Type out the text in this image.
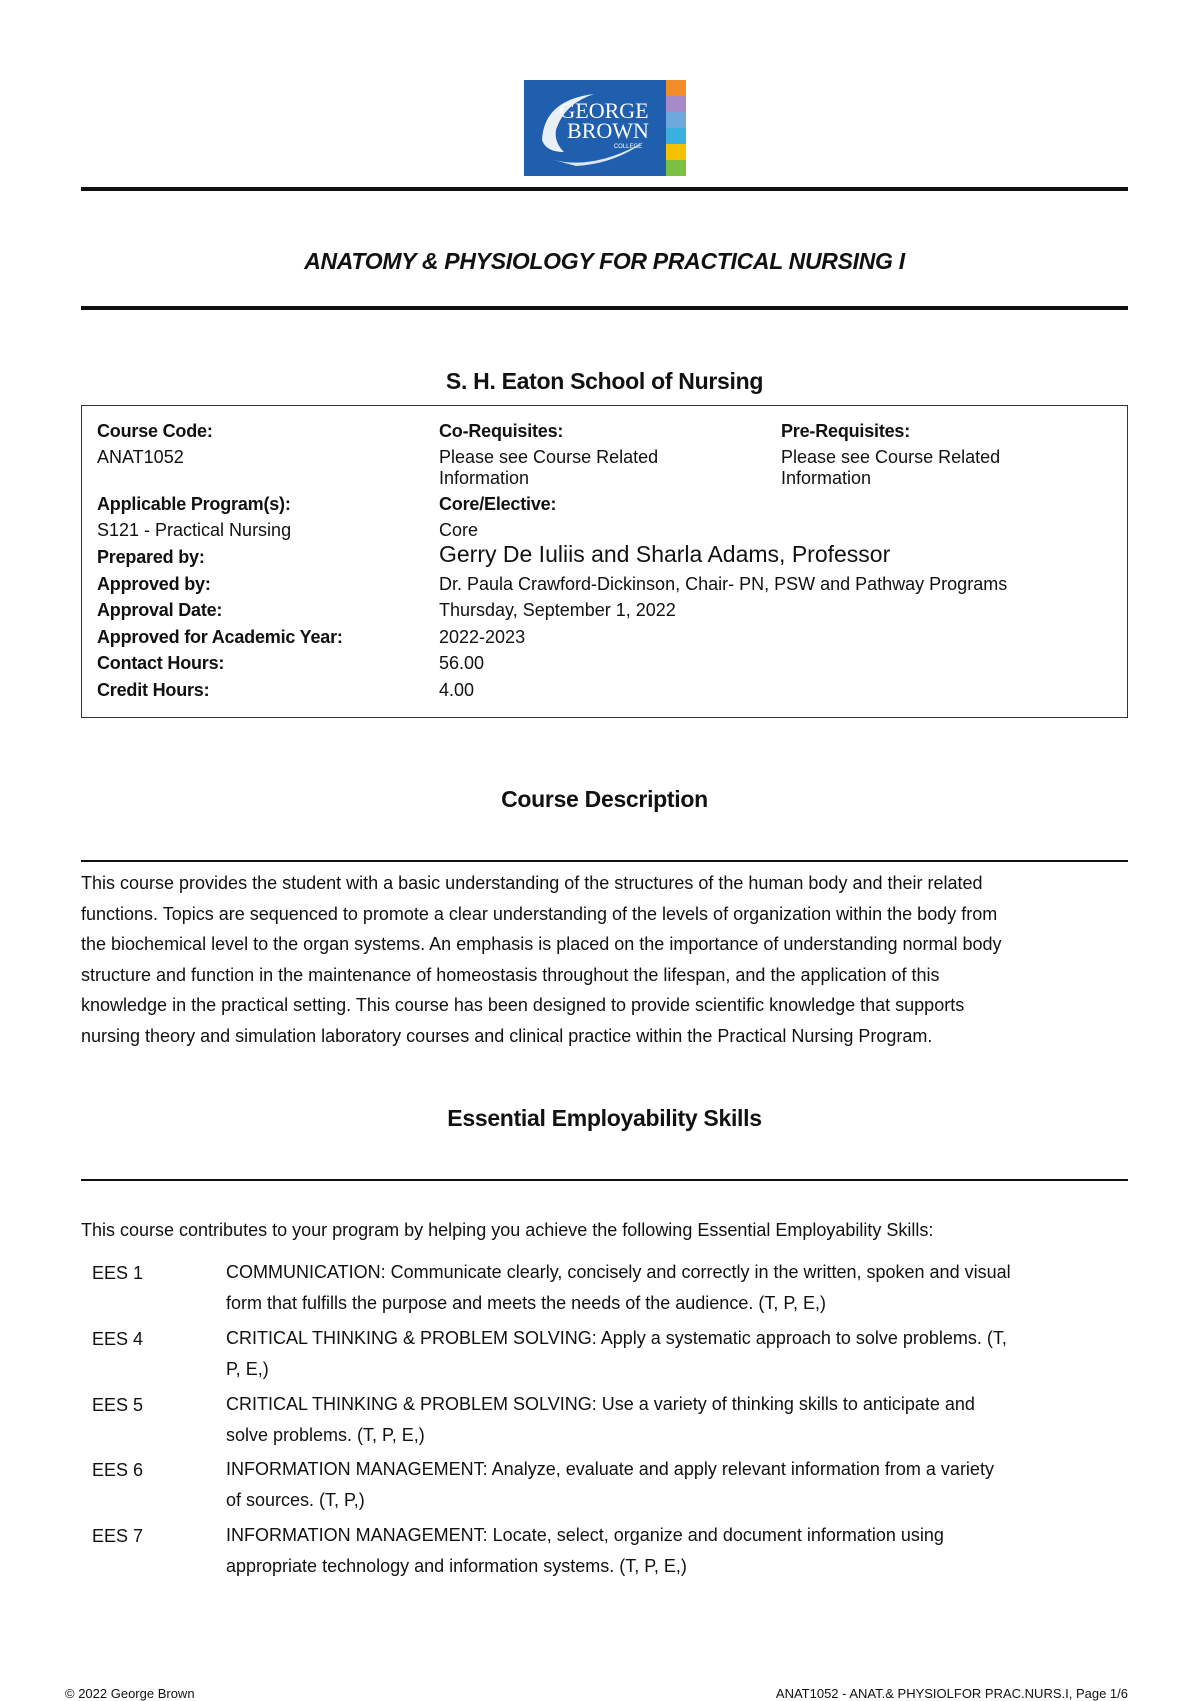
GEORGE
BROWN
COLLEGE
ANATOMY & PHYSIOLOGY FOR PRACTICAL NURSING I
S. H. Eaton School of Nursing
Course Code:
ANAT1052
Co-Requisites:
Please see Course Related Information
Pre-Requisites:
Please see Course Related Information
Applicable Program(s):
S121 - Practical Nursing
Core/Elective:
Core
Prepared by:	Gerry De Iuliis and Sharla Adams, Professor
Approved by:	Dr. Paula Crawford-Dickinson, Chair- PN, PSW and Pathway Programs
Approval Date:	Thursday, September 1, 2022
Approved for Academic Year:	2022-2023
Contact Hours:	56.00
Credit Hours:	4.00
Course Description
This course provides the student with a basic understanding of the structures of the human body and their related
functions. Topics are sequenced to promote a clear understanding of the levels of organization within the body from
the biochemical level to the organ systems. An emphasis is placed on the importance of understanding normal body
structure and function in the maintenance of homeostasis throughout the lifespan, and the application of this
knowledge in the practical setting. This course has been designed to provide scientific knowledge that supports
nursing theory and simulation laboratory courses and clinical practice within the Practical Nursing Program.
Essential Employability Skills
This course contributes to your program by helping you achieve the following Essential Employability Skills:
EES 1	COMMUNICATION: Communicate clearly, concisely and correctly in the written, spoken and visual
form that fulfills the purpose and meets the needs of the audience. (T, P, E,)
EES 4	CRITICAL THINKING & PROBLEM SOLVING: Apply a systematic approach to solve problems. (T,
P, E,)
EES 5	CRITICAL THINKING & PROBLEM SOLVING: Use a variety of thinking skills to anticipate and
solve problems. (T, P, E,)
EES 6	INFORMATION MANAGEMENT: Analyze, evaluate and apply relevant information from a variety
of sources. (T, P,)
EES 7	INFORMATION MANAGEMENT: Locate, select, organize and document information using
appropriate technology and information systems. (T, P, E,)
© 2022 George Brown	ANAT1052 - ANAT.& PHYSIOLFOR PRAC.NURS.I, Page 1/6
